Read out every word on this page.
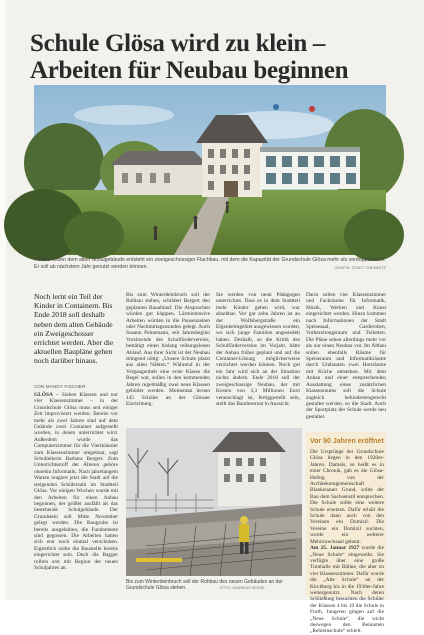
Schule Glösa wird zu klein –
Arbeiten für Neubau beginnen
Rechts neben dem alten Schulgebäude entsteht ein zweigeschossiger Flachbau, mit dem die Kapazität der Grundschule Glösa mehr als verdoppelt wird. Er soll ab nächstem Jahr genutzt werden können.	GRAFIK: STADT CHEMNITZ
Noch lernt ein Teil der Kinder in Containern. Bis Ende 2018 soll deshalb neben dem alten Gebäude ein Zweigeschosser errichtet werden. Aber die aktuellen Baupläne gehen noch darüber hinaus.
VON MANDY FISCHER
GLÖSA – Sieben Klassen und nur vier Klassenzimmer – in der Grundschule Glösa muss seit einiger Zeit improvisiert werden. Bereits vor mehr als zwei Jahren sind auf dem Gelände zwei Container aufgestellt worden, in denen unterrichtet wird. Außerdem wurde das Computerzimmer für die Viertklässler zum Klassenzimmer umgebaut, sagt Schulleiterin Barbara Bergert. Zum Unterrichtsstoff der Älteren gehöre ohnehin Informatik. Nach jahrelangem Warten reagiert jetzt die Stadt auf die steigenden Schülerzahl im Stadtteil Glösa. Vor einigen Wochen wurde mit den Arbeiten für einen Anbau begonnen, der größer ausfällt als das bestehende Schulgebäude. Der Grundstein soll Mitte November gelegt werden. Die Baugrube ist bereits ausgehoben, die Fundamente sind gegossen. Die Arbeiten hatten sich erst noch einmal verschoben. Eigentlich sollte die Baustelle bereits eingerichtet sein. Doch die Bagger rollten erst mit Beginn der neuen Schuljahres an.
Bis zum Winterdeinbruch soll der Rohbau stehen, schildert Bergert den geplanten Bauablauf. Die Absprachen würden gut klappen. Lärmintensive Arbeiten würden in die Pausenzeiten oder Nachmittagsstunden gelegt. Auch Susann Peinemann, seit Jahresbeginn Vorsitzende des Schulfördervereins, bestätigt einen bislang reibungslosen Ablauf. Aus ihrer Sicht ist der Neubau dringend nötig: „Unsere Schule platzt aus allen Nähten.“ Während in der Vergangenheit eine erste Klasse die Regel war, sollen in den kommenden Jahren regelmäßig zwei neue Klassen gebildet werden. Momentan lernen 145 Schüler an der Glösaer Einrichtung.
Sie werden von neun Pädagogen unterrichtet. Dass es in dem Stadtteil mehr Kinder geben wird, war absehbar. Vor gut zehn Jahren ist an der Wolfsbergstraße ein Eigenheimgebiet ausgewiesen worden, wo sich junge Familien angesiedelt haben. Deshalb, so die Kritik des Schulfördervereins im Vorjahr, hätte der Anbau früher geplant und auf die Container-Lösung möglicherweise verzichtet werden können. Noch gut ein Jahr wird sich an der Situation nichts ändern. Ende 2018 soll der zweigeschossige Neubau, der mit Kosten von 3,3 Millionen Euro veranschlagt ist, fertiggestellt sein, stellt das Baudezernat in Aussicht.
Darin sollen vier Klassenzimmer und Fachräume für Informatik, Musik, Werken und Kunst eingerichtet werden. Hinzu kommen nach Informationen der Stadt Speisesaal, Garderoben, Vorbereitungsraum und Toiletten. Die Pläne sehen allerdings mehr vor als nur einen Neubau vor. Im Altbau sollen ebenfalls Räume für Speiseraum und Informatikräume durch Umbauten zwei Horträume mit Küche entstehen. Mit dem Anbau und einer entsprechenden Ausstattung eines zusätzlichen Klassenraums soll die Schule zugleich behindertengerecht gestaltet werden, so die Stadt. Auch der Sportplatz der Schule werde neu gestaltet.
Vor 90 Jahren eröffnet
Die Ursprünge der Grundschule Glösa liegen in den 1920er-Jahren. Damals, so heißt es in einer Chronik, gab es die Glösa-Helbig von der Architektengemeinschaft Blankenauer Grund, sollte der Bau dem Sachsenstil entsprechen. Die Schule sollte eine weitere Schule ersetzen. Dafür erhält die Schule dann auch von den Vereinen ein Domizil. Die Vereine ein Domizil suchten, wurde ein weiterer Mehrzwecksaal gebaut.
Am 25. Januar 1927 wurde die „Neue Schule“ eingeweiht. Sie verfügte über eine große Turnhalle mit Bühne, die aber zu vier Klassenzimmer. Dafür wurde die „Alte Schule“ an der Kirchberg bis in die 1930er-Jahre weitergenutzt. Nach deren Schließung besuchten die Schüler der Klassen 4 bis 10 die Schule in Furth, Jungeren gingen auf die „Neue Schule“, die wicht deswegen den Beinamen „Rehleinschule“ erhielt.
Bis zum Winterdeinbruch soll der Rohbau des neuen Gebäudes an der Grundschule Glösa stehen.	FOTO: ANDREAS SEIDEL
